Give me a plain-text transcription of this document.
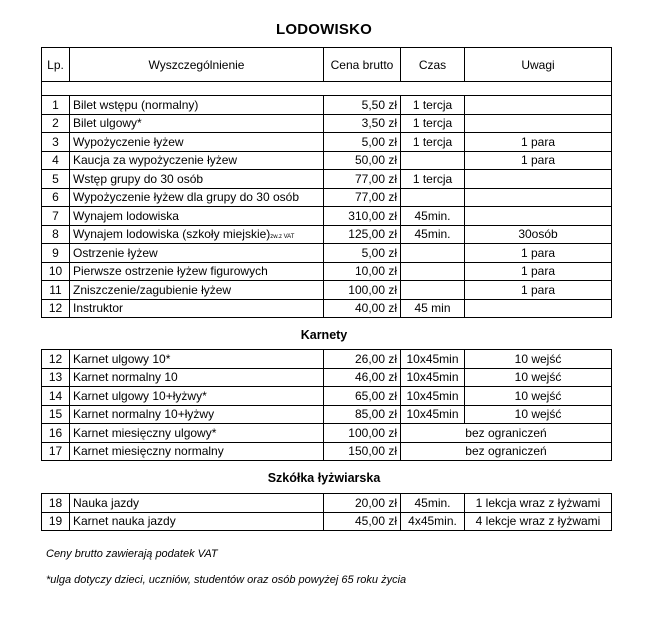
LODOWISKO
Lp.	Wyszczególnienie	Cena brutto	Czas	Uwagi

1	Bilet wstępu (normalny)	5,50 zł	1 tercja	
2	Bilet ulgowy*	3,50 zł	1 tercja	
3	Wypożyczenie łyżew	5,00 zł	1 tercja	1 para
4	Kaucja za wypożyczenie łyżew	50,00 zł		1 para
5	Wstęp grupy do 30 osób	77,00 zł	1 tercja	
6	Wypożyczenie łyżew dla grupy do 30 osób	77,00 zł		
7	Wynajem lodowiska	310,00 zł	45min.	
8	Wynajem lodowiska (szkoły miejskie)zw.z VAT	125,00 zł	45min.	30osób
9	Ostrzenie łyżew	5,00 zł		1 para
10	Pierwsze ostrzenie łyżew figurowych	10,00 zł		1 para
11	Zniszczenie/zagubienie łyżew	100,00 zł		1 para
12	Instruktor	40,00 zł	45 min	
Karnety
12	Karnet ulgowy 10*	26,00 zł	10x45min	10 wejść
13	Karnet normalny 10	46,00 zł	10x45min	10 wejść
14	Karnet ulgowy 10+łyżwy*	65,00 zł	10x45min	10 wejść
15	Karnet normalny 10+łyżwy	85,00 zł	10x45min	10 wejść
16	Karnet miesięczny ulgowy*	100,00 zł	bez ograniczeń	
17	Karnet miesięczny normalny	150,00 zł	bez ograniczeń	
Szkółka łyżwiarska
18	Nauka jazdy	20,00 zł	45min.	1 lekcja wraz z łyżwami
19	Karnet nauka jazdy	45,00 zł	4x45min.	4 lekcje wraz z łyżwami
Ceny brutto zawierają podatek VAT
*ulga dotyczy dzieci, uczniów, studentów oraz osób powyżej 65 roku życia
